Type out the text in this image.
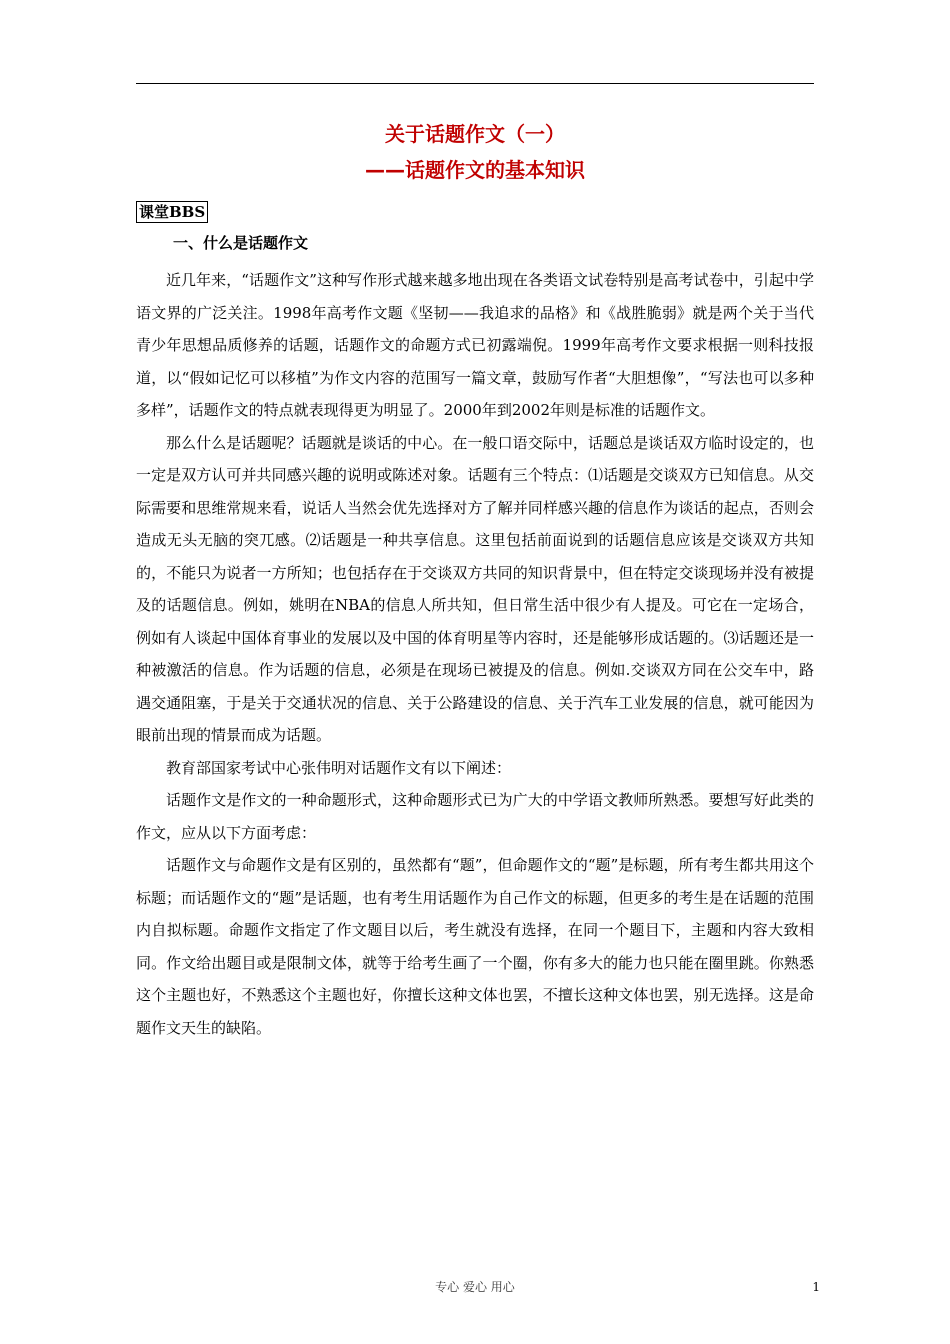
关于话题作文（一）

——话题作文的基本知识

课堂BBS
一、什么是话题作文

近几年来，“话题作文”这种写作形式越来越多地出现在各类语文试卷特别是高考试卷中，引起中学语文界的广泛关注。1998年高考作文题《坚韧——我追求的品格》和《战胜脆弱》就是两个关于当代青少年思想品质修养的话题，话题作文的命题方式已初露端倪。1999年高考作文要求根据一则科技报道，以“假如记忆可以移植”为作文内容的范围写一篇文章，鼓励写作者“大胆想像”，“写法也可以多种多样”，话题作文的特点就表现得更为明显了。2000年到2002年则是标准的话题作文。

那么什么是话题呢？话题就是谈话的中心。在一般口语交际中，话题总是谈话双方临时设定的，也一定是双方认可并共同感兴趣的说明或陈述对象。话题有三个特点：⑴话题是交谈双方已知信息。从交际需要和思维常规来看，说话人当然会优先选择对方了解并同样感兴趣的信息作为谈话的起点，否则会造成无头无脑的突兀感。⑵话题是一种共享信息。这里包括前面说到的话题信息应该是交谈双方共知的，不能只为说者一方所知；也包括存在于交谈双方共同的知识背景中，但在特定交谈现场并没有被提及的话题信息。例如，姚明在NBA的信息人所共知，但日常生活中很少有人提及。可它在一定场合，例如有人谈起中国体育事业的发展以及中国的体育明星等内容时，还是能够形成话题的。⑶话题还是一种被激活的信息。作为话题的信息，必须是在现场已被提及的信息。例如.交谈双方同在公交车中，路遇交通阻塞，于是关于交通状况的信息、关于公路建设的信息、关于汽车工业发展的信息，就可能因为眼前出现的情景而成为话题。

教育部国家考试中心张伟明对话题作文有以下阐述：

话题作文是作文的一种命题形式，这种命题形式已为广大的中学语文教师所熟悉。要想写好此类的作文，应从以下方面考虑：

话题作文与命题作文是有区别的，虽然都有“题”，但命题作文的“题”是标题，所有考生都共用这个标题；而话题作文的“题”是话题，也有考生用话题作为自己作文的标题，但更多的考生是在话题的范围内自拟标题。命题作文指定了作文题目以后，考生就没有选择，在同一个题目下，主题和内容大致相同。作文给出题目或是限制文体，就等于给考生画了一个圈，你有多大的能力也只能在圈里跳。你熟悉这个主题也好，不熟悉这个主题也好，你擅长这种文体也罢，不擅长这种文体也罢，别无选择。这是命题作文天生的缺陷。

专心 爱心 用心	1
